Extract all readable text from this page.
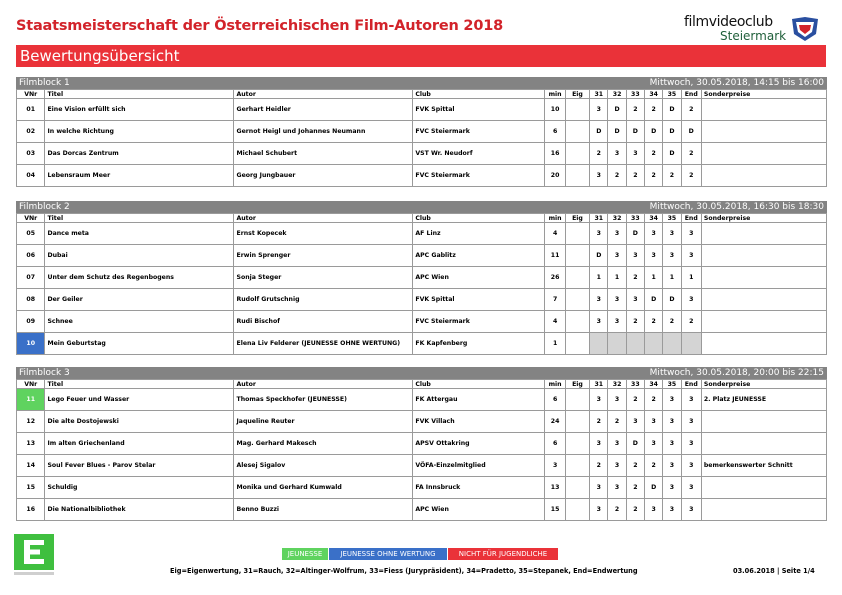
Staatsmeisterschaft der Österreichischen Film-Autoren 2018	filmvideoclub
Steiermark
Bewertungsübersicht
Filmblock 1	Mittwoch, 30.05.2018, 14:15 bis 16:00
VNr	Titel	Autor	Club	min	Eig	31	32	33	34	35	End	Sonderpreise
01	Eine Vision erfüllt sich	Gerhart Heidler	FVK Spittal	10		3	D	2	2	D	2	
02	In welche Richtung	Gernot Heigl und Johannes Neumann	FVC Steiermark	6		D	D	D	D	D	D	
03	Das Dorcas Zentrum	Michael Schubert	VST Wr. Neudorf	16		2	3	3	2	D	2	
04	Lebensraum Meer	Georg Jungbauer	FVC Steiermark	20		3	2	2	2	2	2	
Filmblock 2	Mittwoch, 30.05.2018, 16:30 bis 18:30
VNr	Titel	Autor	Club	min	Eig	31	32	33	34	35	End	Sonderpreise
05	Dance meta	Ernst Kopecek	AF Linz	4		3	3	D	3	3	3	
06	Dubai	Erwin Sprenger	APC Gablitz	11		D	3	3	3	3	3	
07	Unter dem Schutz des Regenbogens	Sonja Steger	APC Wien	26		1	1	2	1	1	1	
08	Der Geiler	Rudolf Grutschnig	FVK Spittal	7		3	3	3	D	D	3	
09	Schnee	Rudi Bischof	FVC Steiermark	4		3	3	2	2	2	2	
10	Mein Geburtstag	Elena Liv Felderer (JEUNESSE OHNE WERTUNG)	FK Kapfenberg	1								
Filmblock 3	Mittwoch, 30.05.2018, 20:00 bis 22:15
VNr	Titel	Autor	Club	min	Eig	31	32	33	34	35	End	Sonderpreise
11	Lego Feuer und Wasser	Thomas Speckhofer (JEUNESSE)	FK Attergau	6		3	3	2	2	3	3	2. Platz JEUNESSE
12	Die alte Dostojewski	Jaqueline Reuter	FVK Villach	24		2	2	3	3	3	3	
13	Im alten Griechenland	Mag. Gerhard Makesch	APSV Ottakring	6		3	3	D	3	3	3	
14	Soul Fever Blues - Parov Stelar	Alesej Sigalov	VÖFA-Einzelmitglied	3		2	3	2	2	3	3	bemerkenswerter Schnitt
15	Schuldig	Monika und Gerhard Kumwald	FA Innsbruck	13		3	3	2	D	3	3	
16	Die Nationalbibliothek	Benno Buzzi	APC Wien	15		3	2	2	3	3	3	
JEUNESSE	JEUNESSE OHNE WERTUNG	NICHT FÜR JUGENDLICHE
Eig=Eigenwertung, 31=Rauch, 32=Altinger-Wolfrum, 33=Fiess (Jurypräsident), 34=Pradetto, 35=Stepanek, End=Endwertung	03.06.2018 | Seite 1/4
